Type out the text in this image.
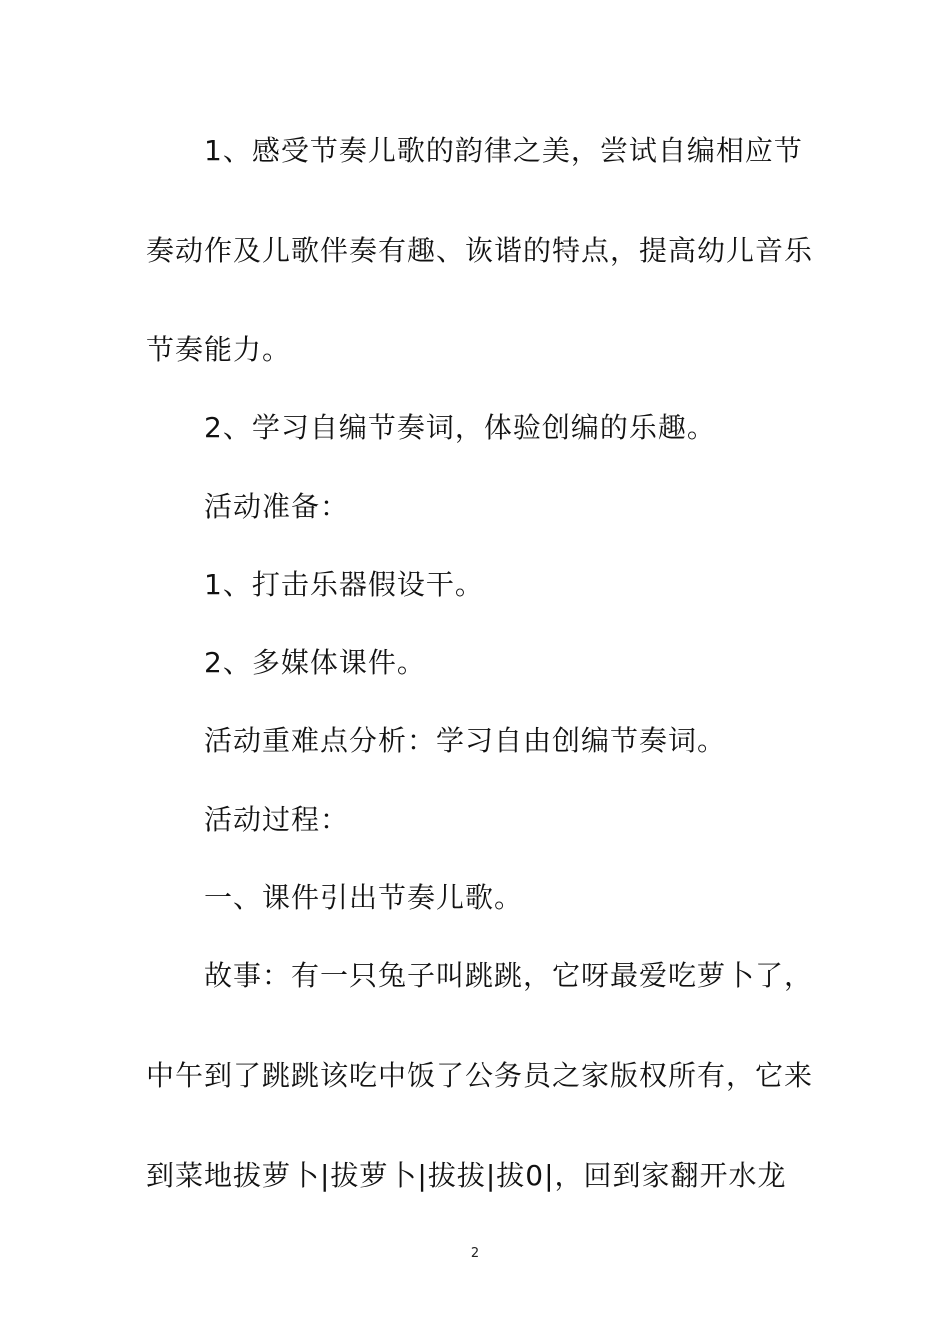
1、感受节奏儿歌的韵律之美，尝试自编相应节
奏动作及儿歌伴奏有趣、诙谐的特点，提高幼儿音乐
节奏能力。
2、学习自编节奏词，体验创编的乐趣。
活动准备：
1、打击乐器假设干。
2、多媒体课件。
活动重难点分析：学习自由创编节奏词。
活动过程：
一、课件引出节奏儿歌。
故事：有一只兔子叫跳跳，它呀最爱吃萝卜了，
中午到了跳跳该吃中饭了公务员之家版权所有，它来
到菜地拔萝卜|拔萝卜|拔拔|拔0|，回到家翻开水龙
2
